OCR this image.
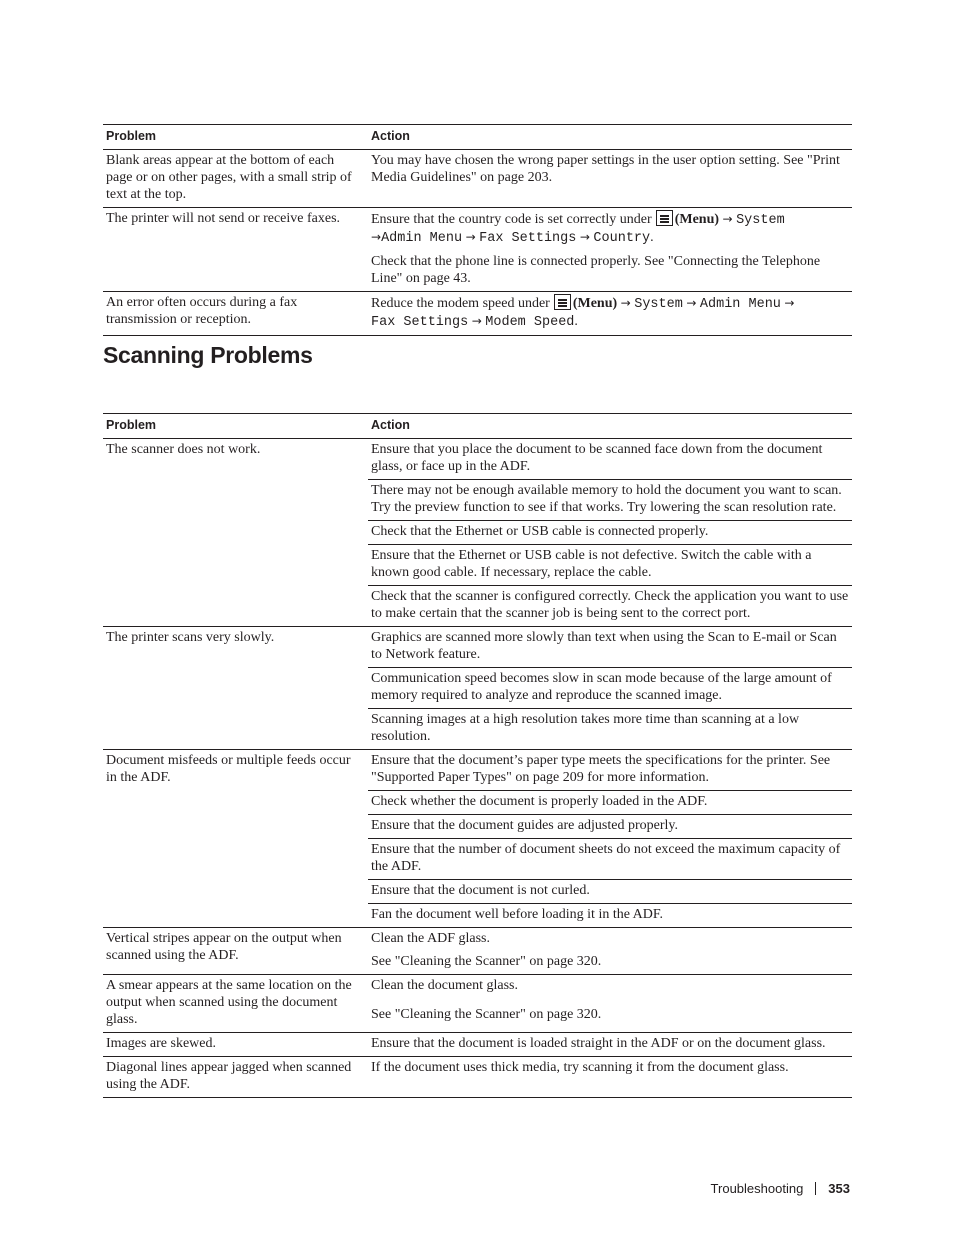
Problem	Action
Blank areas appear at the bottom of each page or on other pages, with a small strip of text at the top.	You may have chosen the wrong paper settings in the user option setting. See "Print Media Guidelines" on page 203.
The printer will not send or receive faxes.	Ensure that the country code is set correctly under (Menu) → System
→Admin Menu → Fax Settings → Country.

Check that the phone line is connected properly. See "Connecting the Telephone Line" on page 43.

An error often occurs during a fax transmission or reception.	Reduce the modem speed under (Menu) → System → Admin Menu →
Fax Settings → Modem Speed.
Problem	Action
The scanner does not work.	Ensure that you place the document to be scanned face down from the document glass, or face up in the ADF.
	There may not be enough available memory to hold the document you want to scan. Try the preview function to see if that works. Try lowering the scan resolution rate.
	Check that the Ethernet or USB cable is connected properly.
	Ensure that the Ethernet or USB cable is not defective. Switch the cable with a known good cable. If necessary, replace the cable.
	Check that the scanner is configured correctly. Check the application you want to use to make certain that the scanner job is being sent to the correct port.
The printer scans very slowly.	Graphics are scanned more slowly than text when using the Scan to E-mail or Scan to Network feature.
	Communication speed becomes slow in scan mode because of the large amount of memory required to analyze and reproduce the scanned image.
	Scanning images at a high resolution takes more time than scanning at a low resolution.
Document misfeeds or multiple feeds occur in the ADF.	Ensure that the document’s paper type meets the specifications for the printer. See "Supported Paper Types" on page 209 for more information.
	Check whether the document is properly loaded in the ADF.
	Ensure that the document guides are adjusted properly.
	Ensure that the number of document sheets do not exceed the maximum capacity of the ADF.
	Ensure that the document is not curled.
	Fan the document well before loading it in the ADF.
Vertical stripes appear on the output when scanned using the ADF.	Clean the ADF glass.
	See "Cleaning the Scanner" on page 320.
A smear appears at the same location on the output when scanned using the document glass.	Clean the document glass.
	See "Cleaning the Scanner" on page 320.
Images are skewed.	Ensure that the document is loaded straight in the ADF or on the document glass.
Diagonal lines appear jagged when scanned using the ADF.	If the document uses thick media, try scanning it from the document glass.
Scanning Problems
Troubleshooting 353
